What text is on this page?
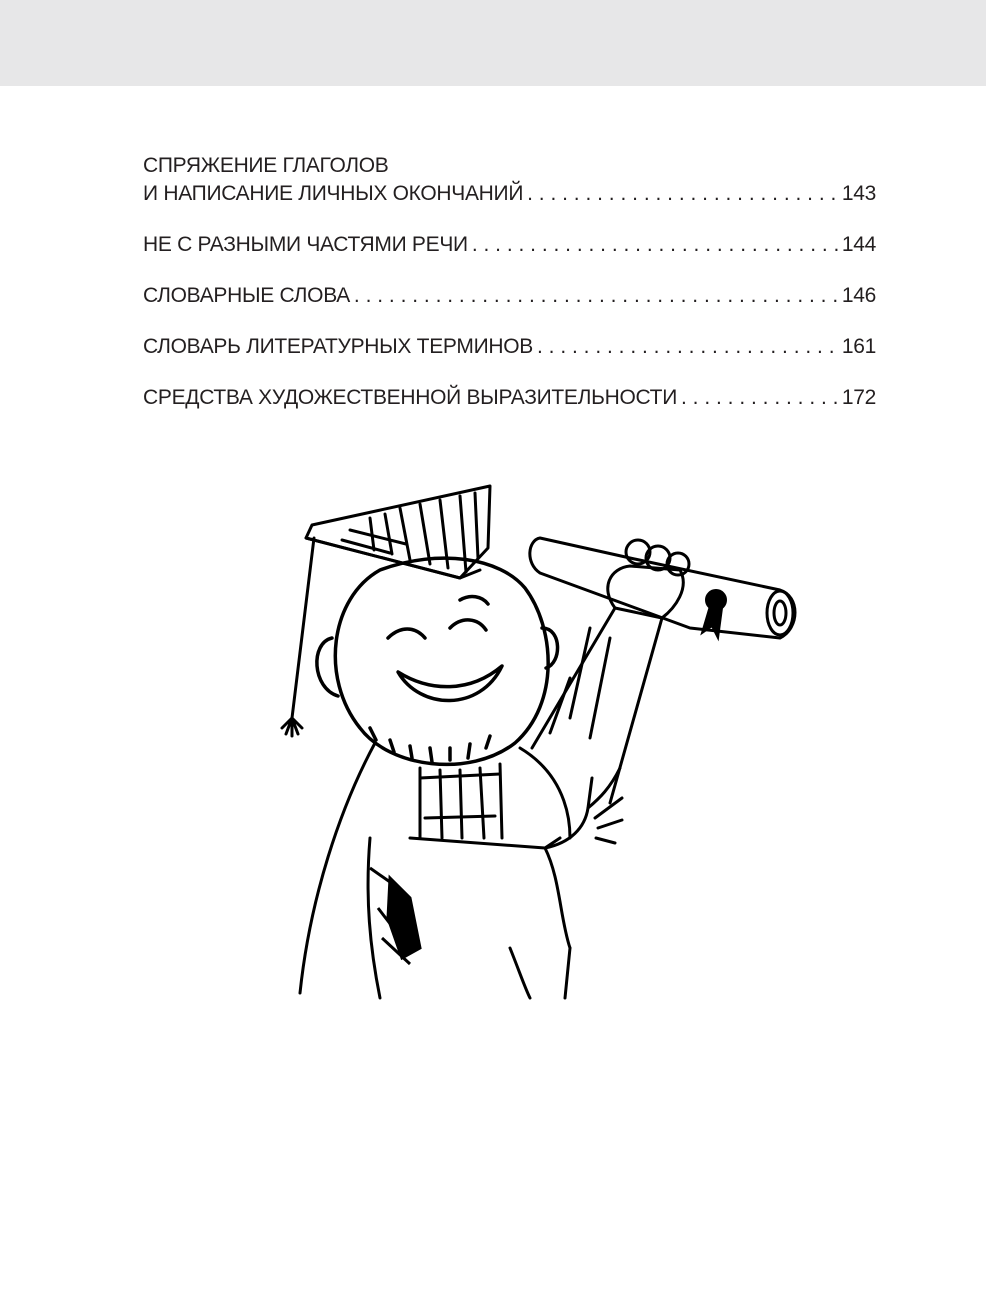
СПРЯЖЕНИЕ ГЛАГОЛОВ
И НАПИСАНИЕ ЛИЧНЫХ ОКОНЧАНИЙ . . .	143
НЕ С РАЗНЫМИ ЧАСТЯМИ РЕЧИ . . .	144
СЛОВАРНЫЕ СЛОВА . . .	146
СЛОВАРЬ ЛИТЕРАТУРНЫХ ТЕРМИНОВ . . .	161
СРЕДСТВА ХУДОЖЕСТВЕННОЙ ВЫРАЗИТЕЛЬНОСТИ . . .	172
